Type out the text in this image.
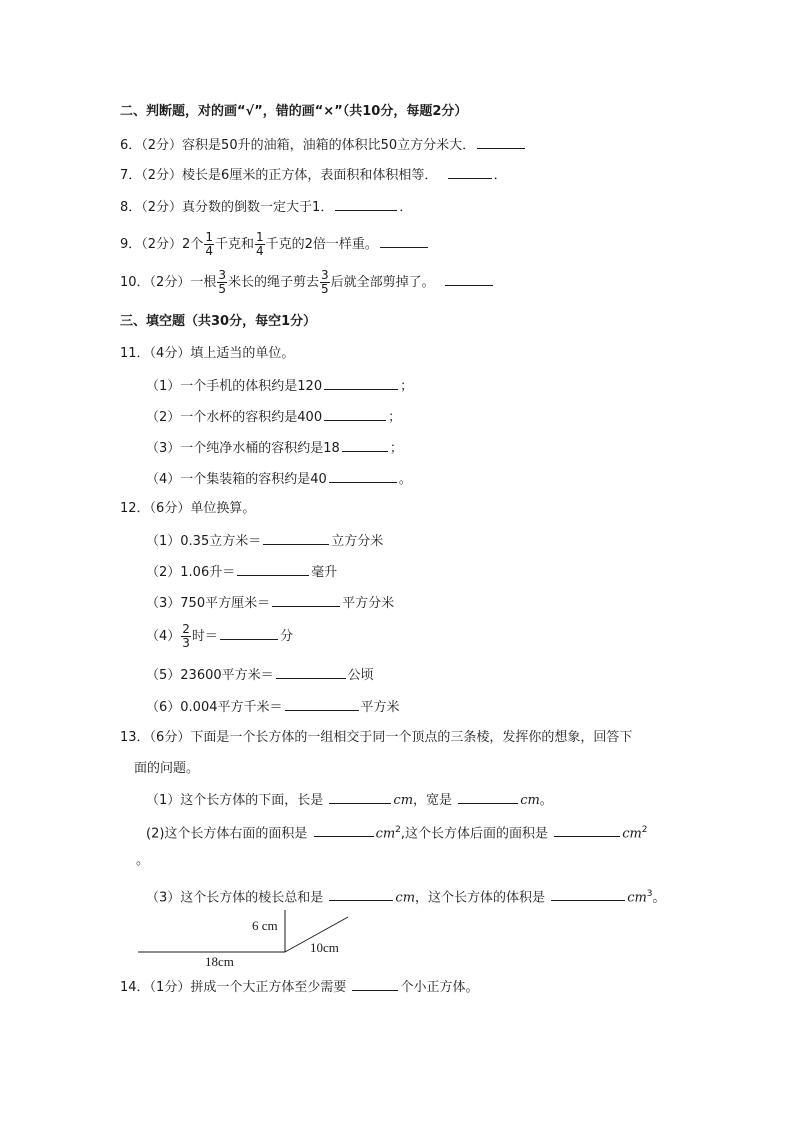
二、判断题，对的画“√”，错的画“×”（共10分，每题2分）
6．（2分）容积是50升的油箱，油箱的体积比50立方分米大．
7．（2分）棱长是6厘米的正方体，表面积和体积相等．	．
8．（2分）真分数的倒数一定大于1．	．
9．（2分）2个 $\frac{1}{4}$ 千克和 $\frac{1}{4}$ 千克的2倍一样重。
10．（2分）一根 $\frac{3}{5}$ 米长的绳子剪去 $\frac{3}{5}$ 后就全部剪掉了。
三、填空题（共30分，每空1分）
11．（4分）填上适当的单位。
（1）一个手机的体积约是120	；
（2）一个水杯的容积约是400	；
（3）一个纯净水桶的容积约是18	；
（4）一个集装箱的容积约是40	。
12．（6分）单位换算。
（1）0.35立方米＝	立方分米
（2）1.06升＝	毫升
（3）750平方厘米＝	平方分米
$(4) \frac{2}{3}$ 时＝	分
（5）23600平方米＝	公顷
（6）0.004平方千米＝	平方米
13．（6分）下面是一个长方体的一组相交于同一个顶点的三条棱，发挥你的想象，回答下
面的问题。
（1）这个长方体的下面，长是	cm，宽是	cm。
(2)这个长方体右面的面积是	$cm^2$,这个长方体后面的面积是	$cm^2$
。
（3）这个长方体的棱长总和是	cm，这个长方体的体积是	$cm^3$。
6 cm
18cm
10cm
14．（1分）拼成一个大正方体至少需要	个小正方体。
